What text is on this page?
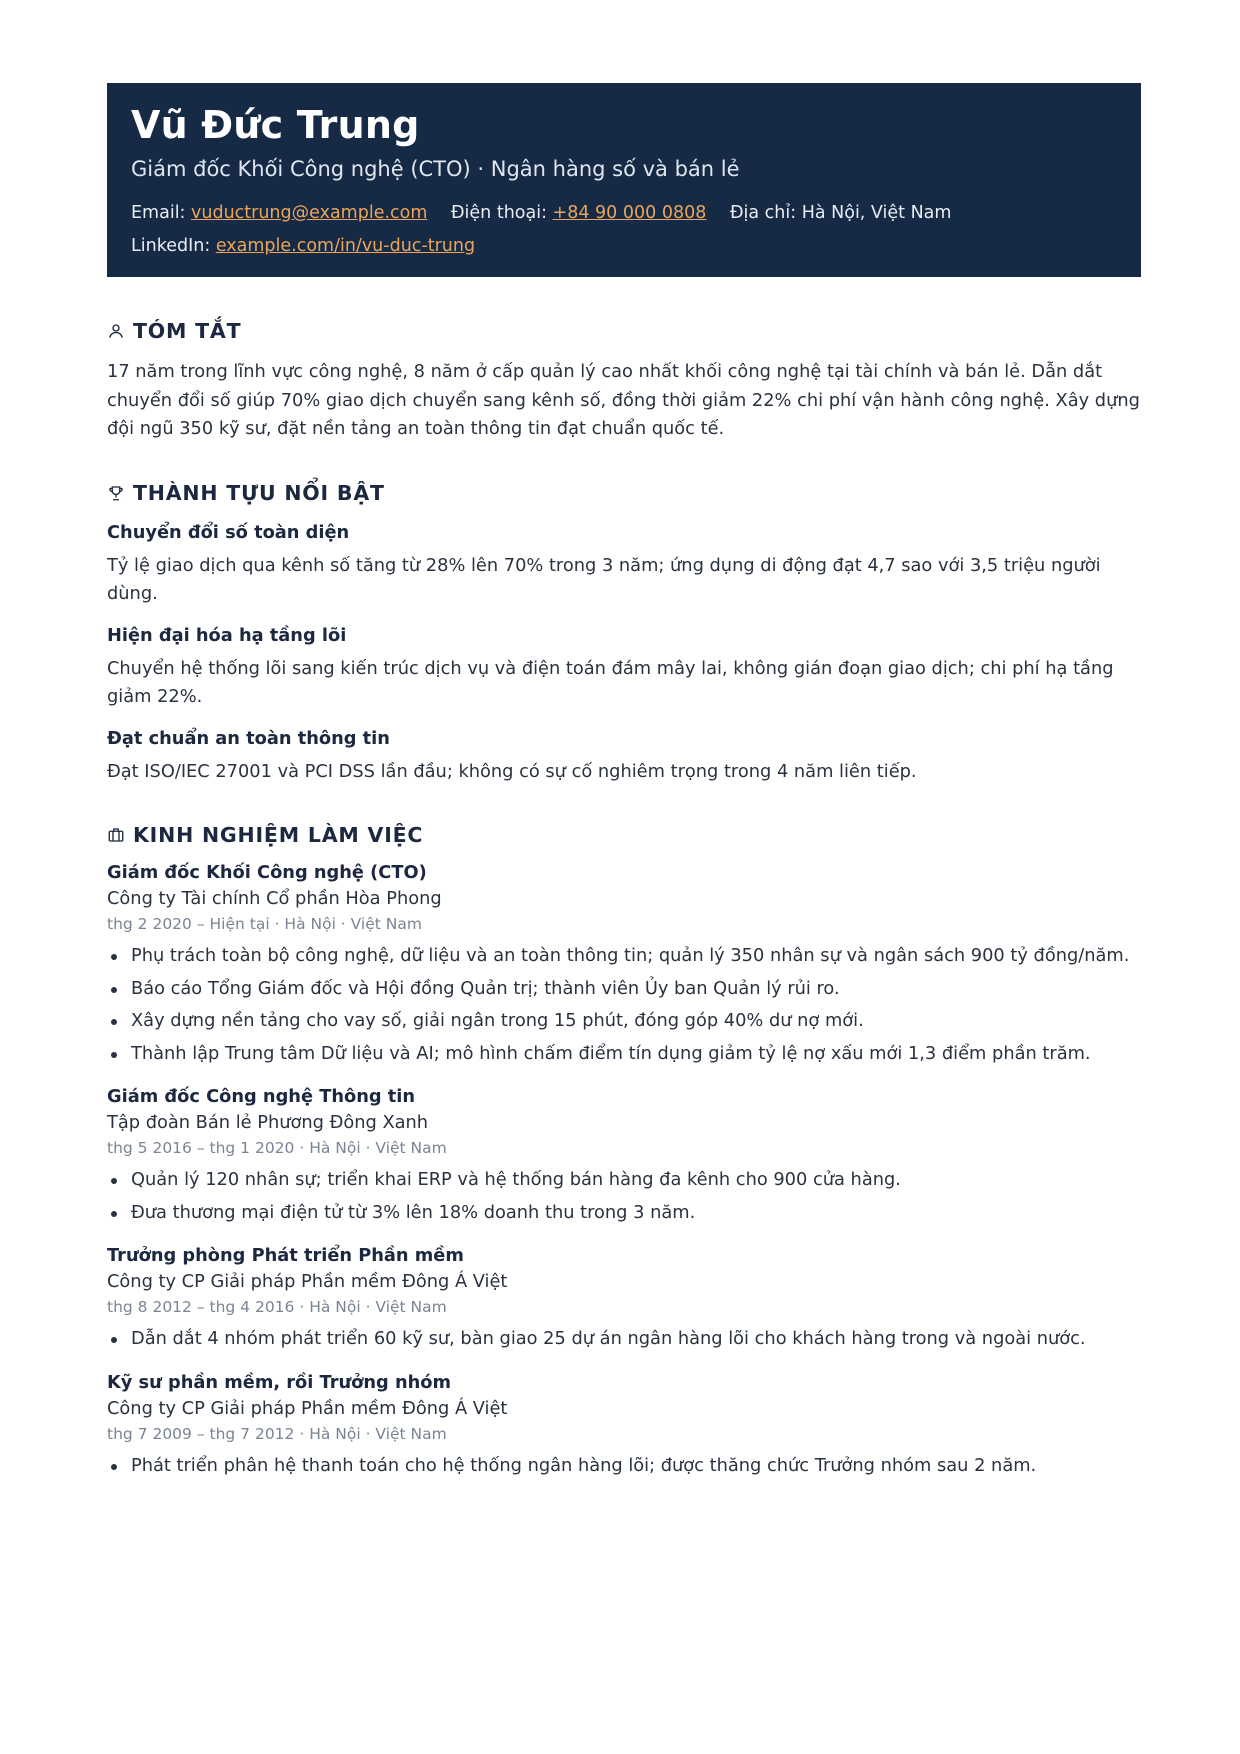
Vũ Đức Trung
Giám đốc Khối Công nghệ (CTO) · Ngân hàng số và bán lẻ
Email: vuductrung@example.com Điện thoại: +84 90 000 0808 Địa chỉ: Hà Nội, Việt Nam
LinkedIn: example.com/in/vu-duc-trung
TÓM TẮT

17 năm trong lĩnh vực công nghệ, 8 năm ở cấp quản lý cao nhất khối công nghệ tại tài chính và bán lẻ. Dẫn dắt chuyển đổi số giúp 70% giao dịch chuyển sang kênh số, đồng thời giảm 22% chi phí vận hành công nghệ. Xây dựng đội ngũ 350 kỹ sư, đặt nền tảng an toàn thông tin đạt chuẩn quốc tế.

THÀNH TỰU NỔI BẬT
Chuyển đổi số toàn diện
Tỷ lệ giao dịch qua kênh số tăng từ 28% lên 70% trong 3 năm; ứng dụng di động đạt 4,7 sao với 3,5 triệu người dùng.
Hiện đại hóa hạ tầng lõi
Chuyển hệ thống lõi sang kiến trúc dịch vụ và điện toán đám mây lai, không gián đoạn giao dịch; chi phí hạ tầng giảm 22%.
Đạt chuẩn an toàn thông tin
Đạt ISO/IEC 27001 và PCI DSS lần đầu; không có sự cố nghiêm trọng trong 4 năm liên tiếp.
KINH NGHIỆM LÀM VIỆC
Giám đốc Khối Công nghệ (CTO)
Công ty Tài chính Cổ phần Hòa Phong
thg 2 2020 – Hiện tại · Hà Nội · Việt Nam
Phụ trách toàn bộ công nghệ, dữ liệu và an toàn thông tin; quản lý 350 nhân sự và ngân sách 900 tỷ đồng/năm.
Báo cáo Tổng Giám đốc và Hội đồng Quản trị; thành viên Ủy ban Quản lý rủi ro.
Xây dựng nền tảng cho vay số, giải ngân trong 15 phút, đóng góp 40% dư nợ mới.
Thành lập Trung tâm Dữ liệu và AI; mô hình chấm điểm tín dụng giảm tỷ lệ nợ xấu mới 1,3 điểm phần trăm.
Giám đốc Công nghệ Thông tin
Tập đoàn Bán lẻ Phương Đông Xanh
thg 5 2016 – thg 1 2020 · Hà Nội · Việt Nam
Quản lý 120 nhân sự; triển khai ERP và hệ thống bán hàng đa kênh cho 900 cửa hàng.
Đưa thương mại điện tử từ 3% lên 18% doanh thu trong 3 năm.
Trưởng phòng Phát triển Phần mềm
Công ty CP Giải pháp Phần mềm Đông Á Việt
thg 8 2012 – thg 4 2016 · Hà Nội · Việt Nam
Dẫn dắt 4 nhóm phát triển 60 kỹ sư, bàn giao 25 dự án ngân hàng lõi cho khách hàng trong và ngoài nước.
Kỹ sư phần mềm, rồi Trưởng nhóm
Công ty CP Giải pháp Phần mềm Đông Á Việt
thg 7 2009 – thg 7 2012 · Hà Nội · Việt Nam
Phát triển phân hệ thanh toán cho hệ thống ngân hàng lõi; được thăng chức Trưởng nhóm sau 2 năm.
